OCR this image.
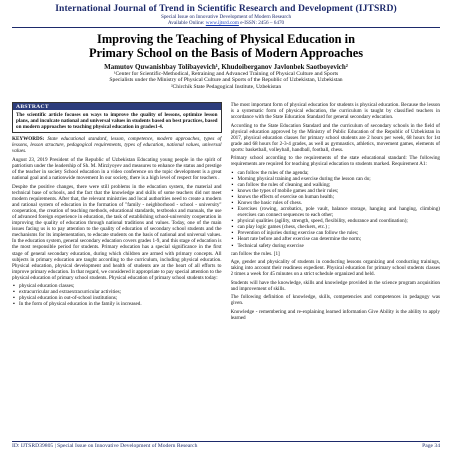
International Journal of Trend in Scientific Research and Development (IJTSRD)
Special Issue on Innovative Development of Modern Research
Available Online: www.ijtsrd.com e-ISSN: 2456 – 6470
Improving the Teaching of Physical Education in
Primary School on the Basis of Modern Approaches
Mamutov Quwanishbay Tolibayevich¹, Khudoiberganov Javlonbek Saotboyevich²
¹Center for Scientific-Methodical, Retraining and Advanced Training of Physical Culture and Sports
Specialists under the Ministry of Physical Culture and Sports of the Republic of Uzbekistan, Uzbekistan
²Chirchik State Pedagogical Institute, Uzbekistan
ABSTRACT
The scientific article focuses on ways to improve the quality of lessons, optimize lesson plans, and inculcate national and universal values in students based on best practices, based on modern approaches to teaching physical education in grades1-4.
KEYWORDS: State educational standard, lesson, competence, modern approaches, types of lessons, lesson structure, pedagogical requirements, types of education, national values, universal values.

August 23, 2019 President of the Republic of Uzbekistan Educating young people in the spirit of patriotism under the leadership of Sh. M. Mirziyoyev and measures to enhance the status and prestige of the teacher in society School education in a video conference on the topic development is a great national goal and a nationwide movement In our society, there is a high level of respect for teachers .

Despite the positive changes, there were still problems in the education system, the material and technical base of schools, and the fact that the knowledge and skills of some teachers did not meet modern requirements. After that, the relevant ministries and local authorities need to create a modern and rational system of education in the formation of "family - neighborhood - school - university" cooperation, the creation of teaching methods, educational standards, textbooks and manuals, the use of advanced foreign experience in education, the task of establishing school-university cooperation in improving the quality of education through national traditions and values. Today, one of the main issues facing us is to pay attention to the quality of education of secondary school students and the mechanisms for its implementation, to educate students on the basis of national and universal values. In the education system, general secondary education covers grades 1-9, and this stage of education is the most responsible period for students. Primary education has a special significance in the first stage of general secondary education, during which children are armed with primary concepts. All subjects in primary education are taught according to the curriculum, including physical education. Physical education, physical development and health of students are at the heart of all efforts to improve primary education. In that regard, we considered it appropriate to pay special attention to the physical education of primary school students. Physical education of primary school students today:

▪ physical education classes;
▪ extracurricular and extraextracurricular activities;
▪ physical education in out-of-school institutions;
▪ In the form of physical education in the family is increased.

The most important form of physical education for students is physical education. Because the lesson is a systematic form of physical education, the curriculum is taught by classified teachers in accordance with the State Education Standard for general secondary education.

According to the State Education Standard and the curriculum of secondary schools in the field of physical education approved by the Ministry of Public Education of the Republic of Uzbekistan in 2017, physical education classes for primary school students are 2 hours per week, 68 hours for 1st grade and 68 hours for 2-3-4 grades, as well as gymnastics, athletics, movement games, elements of sports: basketball, volleyball, handball, football, chess.

Primary school according to the requirements of the state educational standard: The following requirements are required for teaching physical education to students marked. Requirement A1:

▪ can follow the rules of the agenda;
▪ Morning physical training and exercise during the lesson can do;
▪ can follow the rules of cleaning and walking;
▪ knows the types of mobile games and their rules;
▪ knows the effects of exercise on human health;
▪ Knows the basic rules of chess.
▪ Exercises (rowing, acrobatics, pole vault, balance storage, hanging and hanging, climbing) exercises can connect sequences to each other;
▪ physical qualities (agility, strength, speed, flexibility, endurance and coordination);
▪ can play logic games (chess, checkers, etc.) ;
▪ Prevention of injuries during exercise can follow the rules;
▪ Heart rate before and after exercise can determine the norm;
▪ Technical safety during exercise

can follow the rules. [1]

Age, gender and physicality of students in conducting lessons organizing and conducting trainings, taking into account their readiness expedient. Physical education for primary school students classes 2 times a week for 45 minutes on a strict schedule organized and held.

Students will have the knowledge, skills and knowledge provided in the science program acquisition and improvement of skills.

The following definition of knowledge, skills, competencies and competences in pedagogy was given.

Knowledge - remembering and re-explaining learned information Give Ability is the ability to apply learned

ID: IJTSRD39805 | Special Issue on Innovative Development of Modern Research	Page 34
